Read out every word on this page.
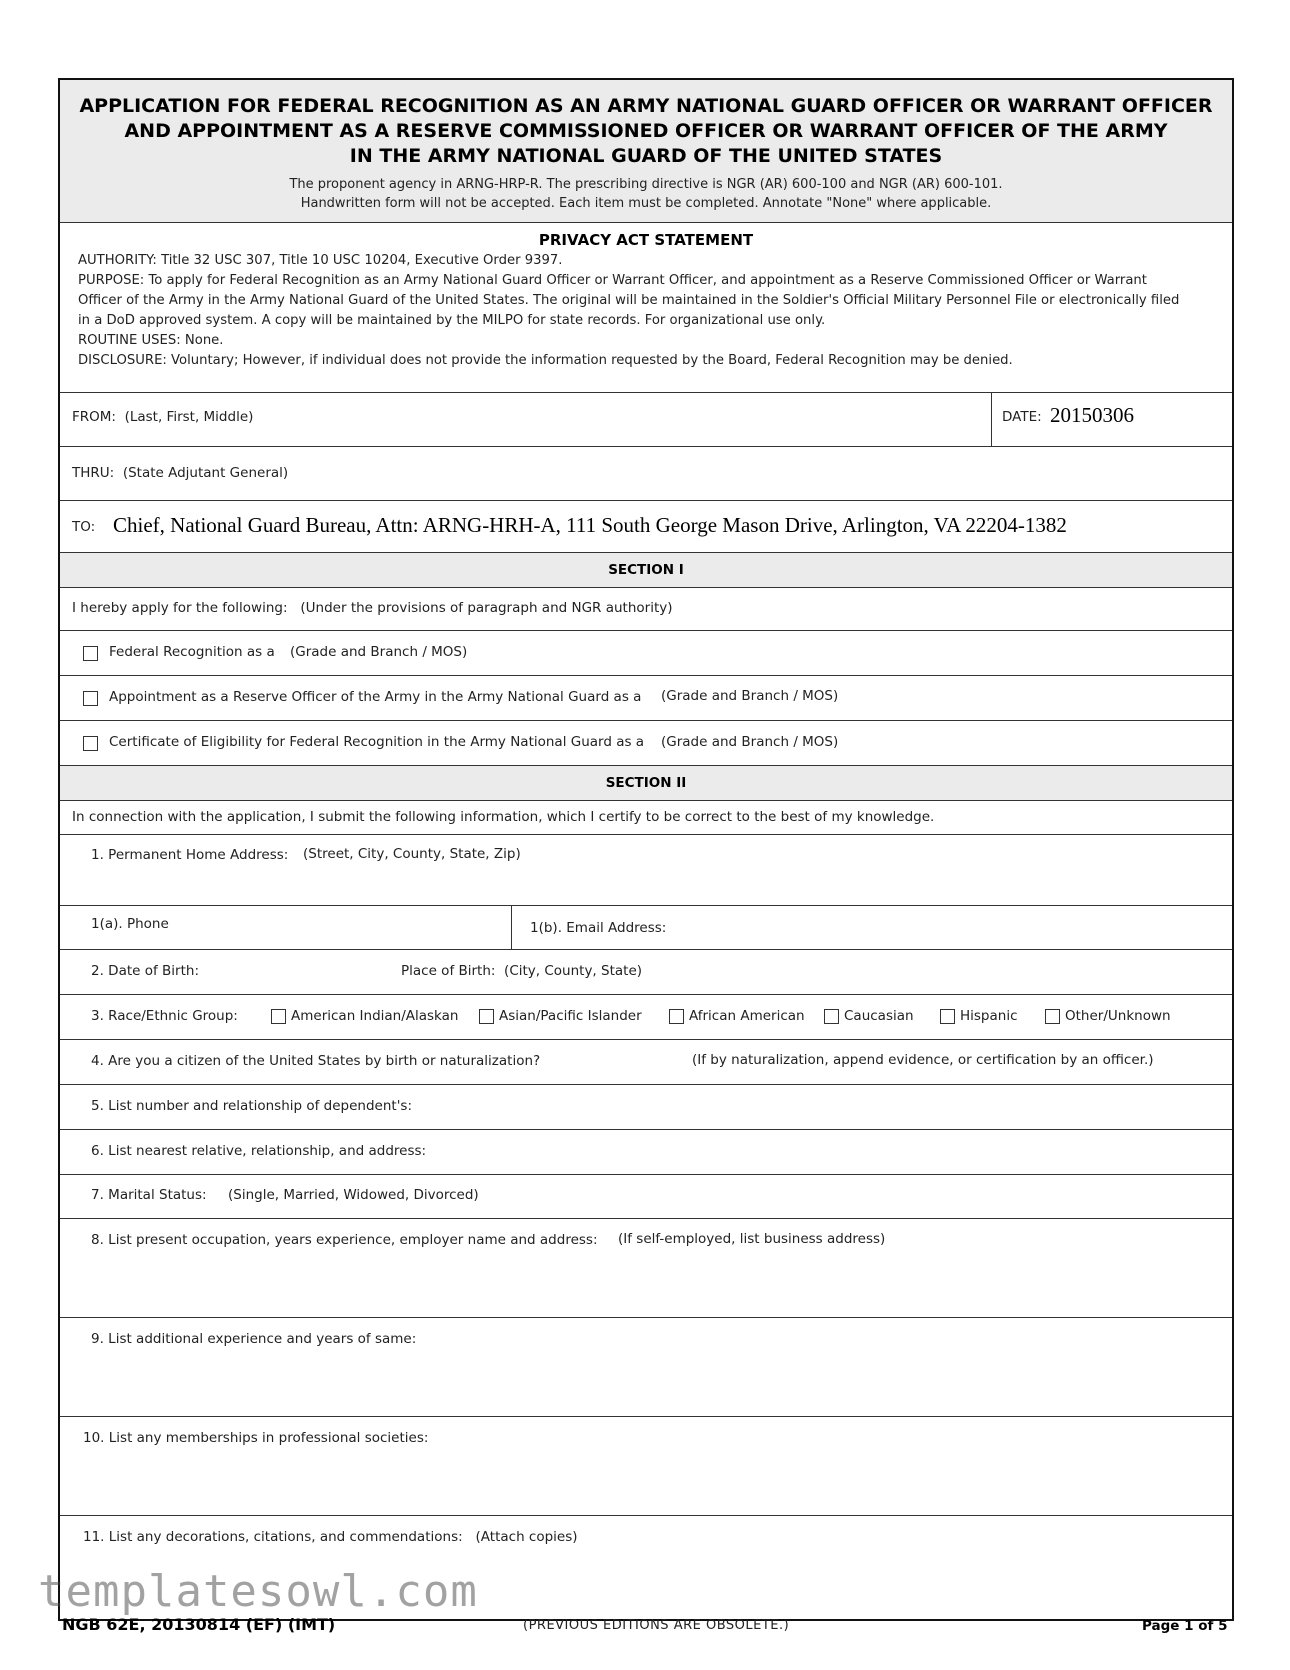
APPLICATION FOR FEDERAL RECOGNITION AS AN ARMY NATIONAL GUARD OFFICER OR WARRANT OFFICER
AND APPOINTMENT AS A RESERVE COMMISSIONED OFFICER OR WARRANT OFFICER OF THE ARMY
IN THE ARMY NATIONAL GUARD OF THE UNITED STATES
The proponent agency in ARNG-HRP-R. The prescribing directive is NGR (AR) 600-100 and NGR (AR) 600-101.
Handwritten form will not be accepted. Each item must be completed. Annotate "None" where applicable.
PRIVACY ACT STATEMENT
AUTHORITY: Title 32 USC 307, Title 10 USC 10204, Executive Order 9397.
PURPOSE: To apply for Federal Recognition as an Army National Guard Officer or Warrant Officer, and appointment as a Reserve Commissioned Officer or Warrant
Officer of the Army in the Army National Guard of the United States. The original will be maintained in the Soldier's Official Military Personnel File or electronically filed
in a DoD approved system. A copy will be maintained by the MILPO for state records. For organizational use only.
ROUTINE USES: None.
DISCLOSURE: Voluntary; However, if individual does not provide the information requested by the Board, Federal Recognition may be denied.
FROM: (Last, First, Middle)	DATE: 20150306
THRU: (State Adjutant General)
TO: Chief, National Guard Bureau, Attn: ARNG-HRH-A, 111 South George Mason Drive, Arlington, VA 22204-1382
SECTION I
I hereby apply for the following: (Under the provisions of paragraph and NGR authority)
Federal Recognition as a (Grade and Branch / MOS)
Appointment as a Reserve Officer of the Army in the Army National Guard as a (Grade and Branch / MOS)
Certificate of Eligibility for Federal Recognition in the Army National Guard as a (Grade and Branch / MOS)
SECTION II
In connection with the application, I submit the following information, which I certify to be correct to the best of my knowledge.
1. Permanent Home Address: (Street, City, County, State, Zip)
1(a). Phone	1(b). Email Address:
2. Date of Birth:	Place of Birth: (City, County, State)
3. Race/Ethnic Group:	American Indian/Alaskan	Asian/Pacific Islander	African American	Caucasian	Hispanic	Other/Unknown
4. Are you a citizen of the United States by birth or naturalization?	(If by naturalization, append evidence, or certification by an officer.)
5. List number and relationship of dependent's:
6. List nearest relative, relationship, and address:
7. Marital Status: (Single, Married, Widowed, Divorced)
8. List present occupation, years experience, employer name and address: (If self-employed, list business address)
9. List additional experience and years of same:
10. List any memberships in professional societies:
11. List any decorations, citations, and commendations: (Attach copies)
templatesowl.com
NGB 62E, 20130814 (EF) (IMT)	(PREVIOUS EDITIONS ARE OBSOLETE.)	Page 1 of 5
